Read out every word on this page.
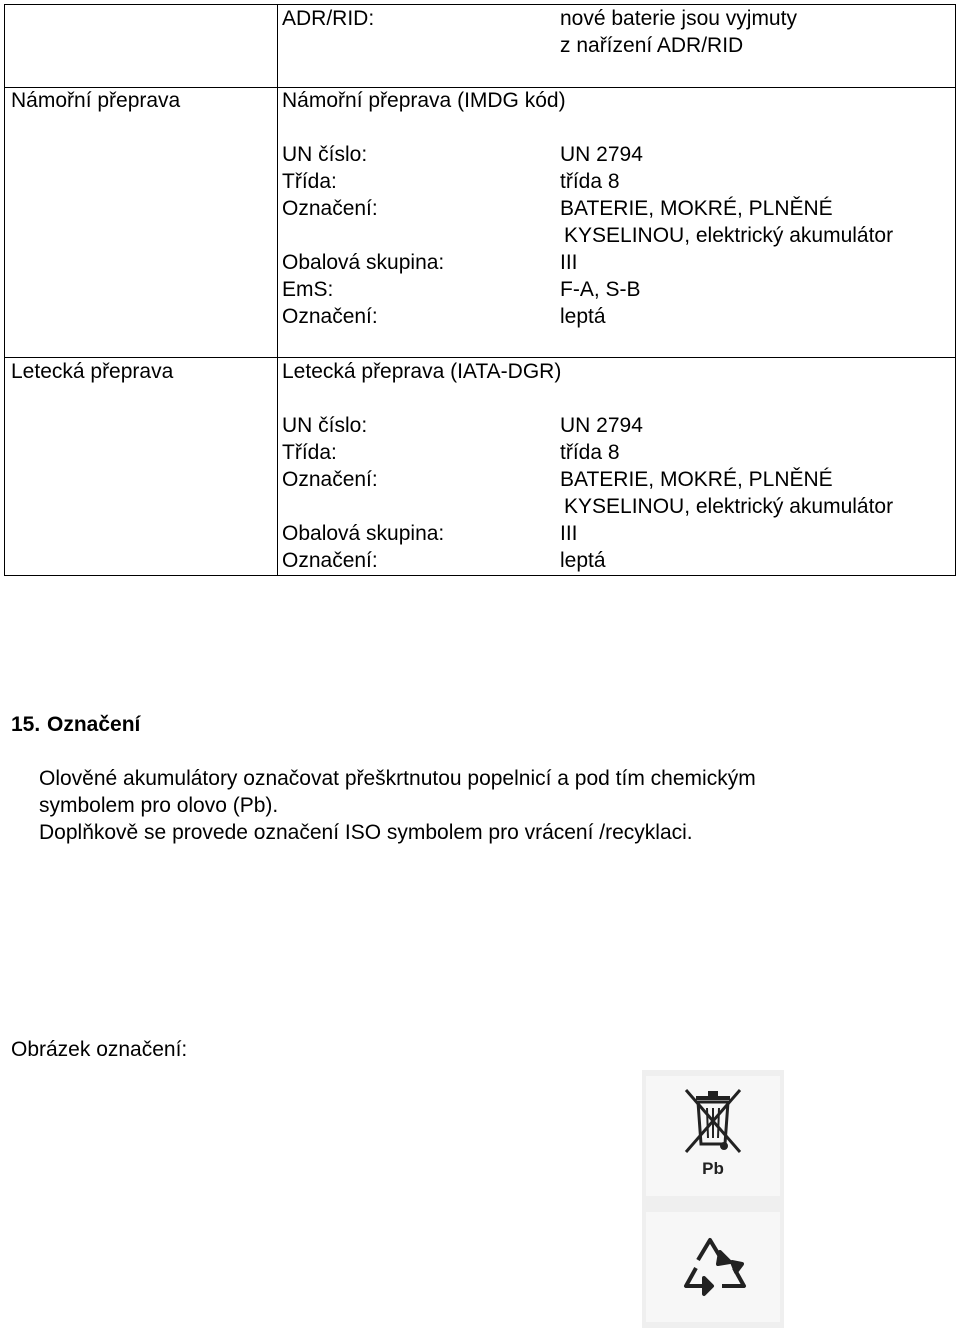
ADR/RID:	nové baterie jsou vyjmuty
z nařízení ADR/RID
Námořní přeprava	Námořní přeprava (IMDG kód)
UN číslo:	UN 2794
Třída:	třída 8
Označení:	BATERIE, MOKRÉ, PLNĚNÉ
KYSELINOU, elektrický akumulátor
Obalová skupina:	III
EmS:	F-A, S-B
Označení:	leptá
Letecká přeprava	Letecká přeprava (IATA-DGR)
UN číslo:	UN 2794
Třída:	třída 8
Označení:	BATERIE, MOKRÉ, PLNĚNÉ
KYSELINOU, elektrický akumulátor
Obalová skupina:	III
Označení:	leptá
15. Označení
Olověné akumulátory označovat přeškrtnutou popelnicí a pod tím chemickým
symbolem pro olovo (Pb).
Doplňkově se provede označení ISO symbolem pro vrácení /recyklaci.
Obrázek označení:
Pb
